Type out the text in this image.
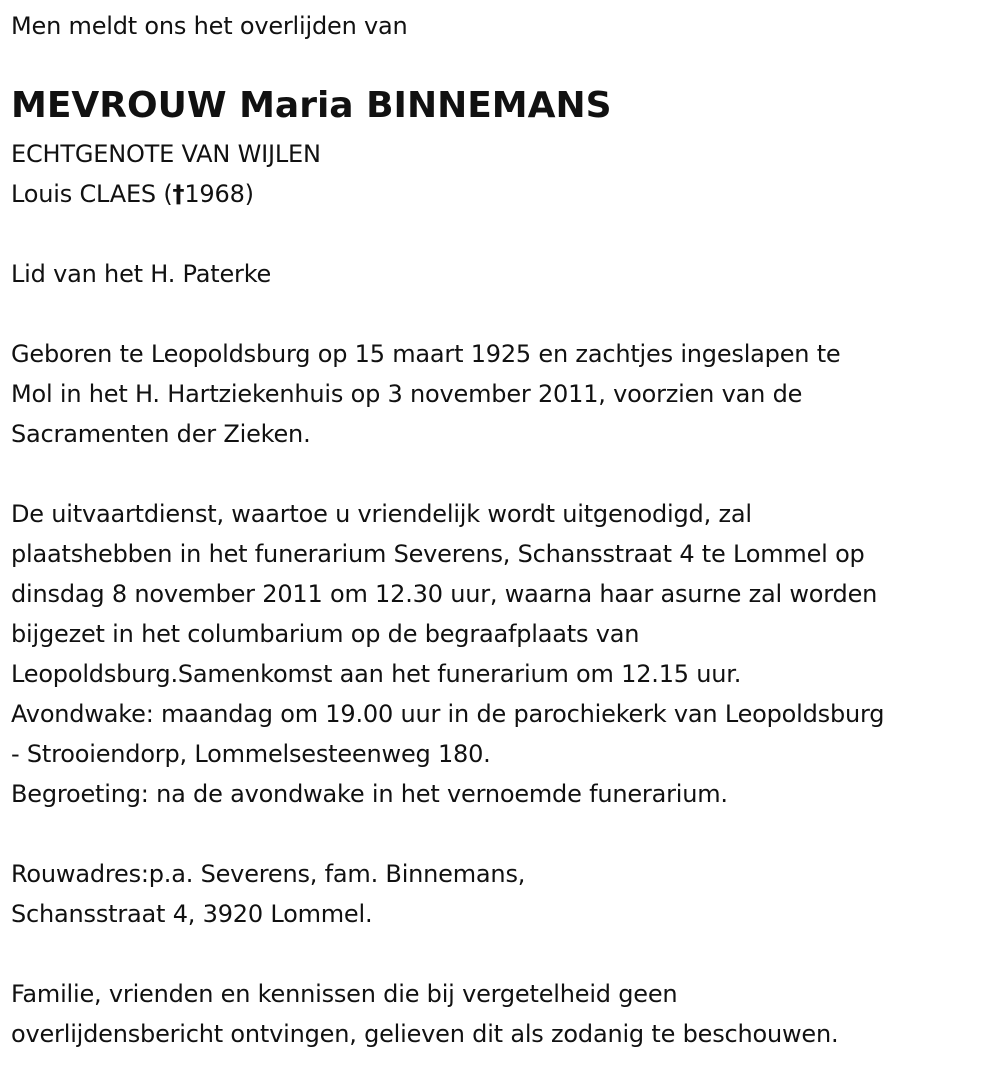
Men meldt ons het overlijden van
MEVROUW Maria BINNEMANS
ECHTGENOTE VAN WIJLEN
Louis CLAES (†1968)
Lid van het H. Paterke
Geboren te Leopoldsburg op 15 maart 1925 en zachtjes ingeslapen te
Mol in het H. Hartziekenhuis op 3 november 2011, voorzien van de
Sacramenten der Zieken.
De uitvaartdienst, waartoe u vriendelijk wordt uitgenodigd, zal
plaatshebben in het funerarium Severens, Schansstraat 4 te Lommel op
dinsdag 8 november 2011 om 12.30 uur, waarna haar asurne zal worden
bijgezet in het columbarium op de begraafplaats van
Leopoldsburg.Samenkomst aan het funerarium om 12.15 uur.
Avondwake: maandag om 19.00 uur in de parochiekerk van Leopoldsburg
- Strooiendorp, Lommelsesteenweg 180.
Begroeting: na de avondwake in het vernoemde funerarium.
Rouwadres:p.a. Severens, fam. Binnemans,
Schansstraat 4, 3920 Lommel.
Familie, vrienden en kennissen die bij vergetelheid geen
overlijdensbericht ontvingen, gelieven dit als zodanig te beschouwen.
